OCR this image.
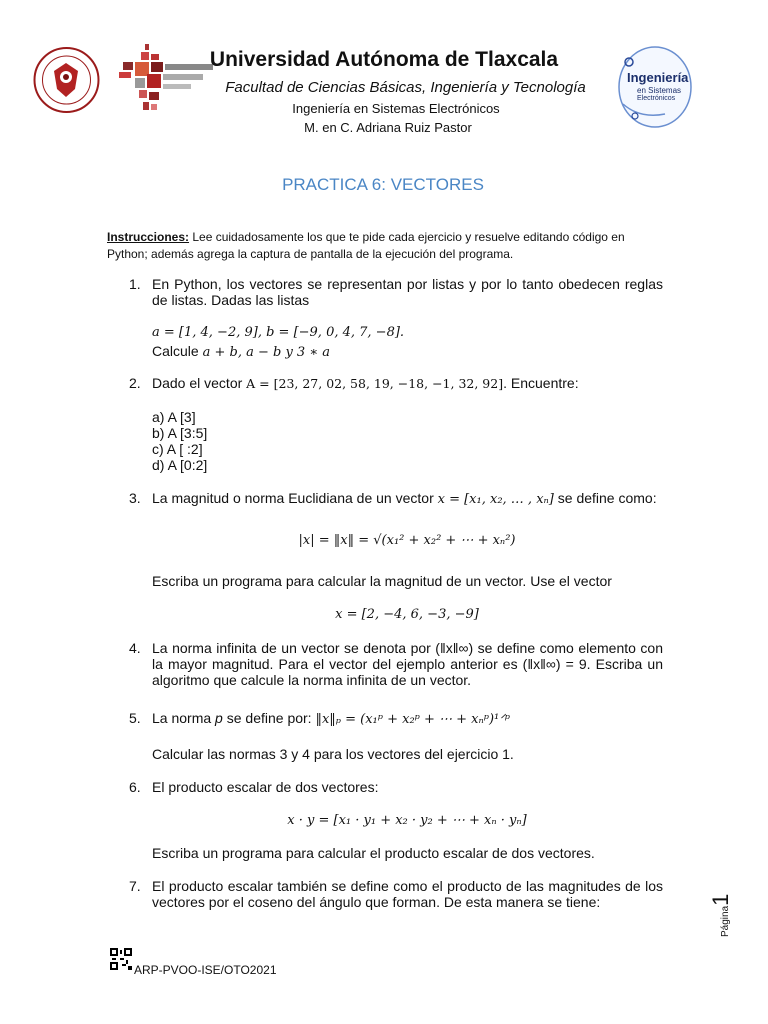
Universidad Autónoma de Tlaxcala
Facultad de Ciencias Básicas, Ingeniería y Tecnología
Ingeniería en Sistemas Electrónicos
M. en C. Adriana Ruiz Pastor
Ingeniería
en Sistemas
Electrónicos
PRACTICA 6: VECTORES
Instrucciones: Lee cuidadosamente los que te pide cada ejercicio y resuelve editando código en Python; además agrega la captura de pantalla de la ejecución del programa.
1. En Python, los vectores se representan por listas y por lo tanto obedecen reglas de listas. Dadas las listas
a = [1, 4, −2, 9], b = [−9, 0, 4, 7, −8].
Calcule a + b, a − b y 3 ∗ a
2. Dado el vector A = [23, 27, 02, 58, 19, −18, −1, 32, 92]. Encuentre:
a) A [3]
b) A [3:5]
c) A [ :2]
d) A [0:2]
3. La magnitud o norma Euclidiana de un vector x = [x₁, x₂, … , xₙ] se define como:
|x| = ‖x‖ = √(x₁² + x₂² + ⋯ + xₙ²)
Escriba un programa para calcular la magnitud de un vector. Use el vector
x = [2, −4, 6, −3, −9]
4. La norma infinita de un vector se denota por (‖x‖∞) se define como elemento con la mayor magnitud. Para el vector del ejemplo anterior es (‖x‖∞) = 9. Escriba un algoritmo que calcule la norma infinita de un vector.
5. La norma p se define por: ‖x‖ₚ = (x₁ᵖ + x₂ᵖ + ⋯ + xₙᵖ)¹ᐟᵖ
Calcular las normas 3 y 4 para los vectores del ejercicio 1.
6. El producto escalar de dos vectores:
x · y = [x₁ · y₁ + x₂ · y₂ + ⋯ + xₙ · yₙ]
Escriba un programa para calcular el producto escalar de dos vectores.
7. El producto escalar también se define como el producto de las magnitudes de los vectores por el coseno del ángulo que forman. De esta manera se tiene:
Página1
ARP-PVOO-ISE/OTO2021
